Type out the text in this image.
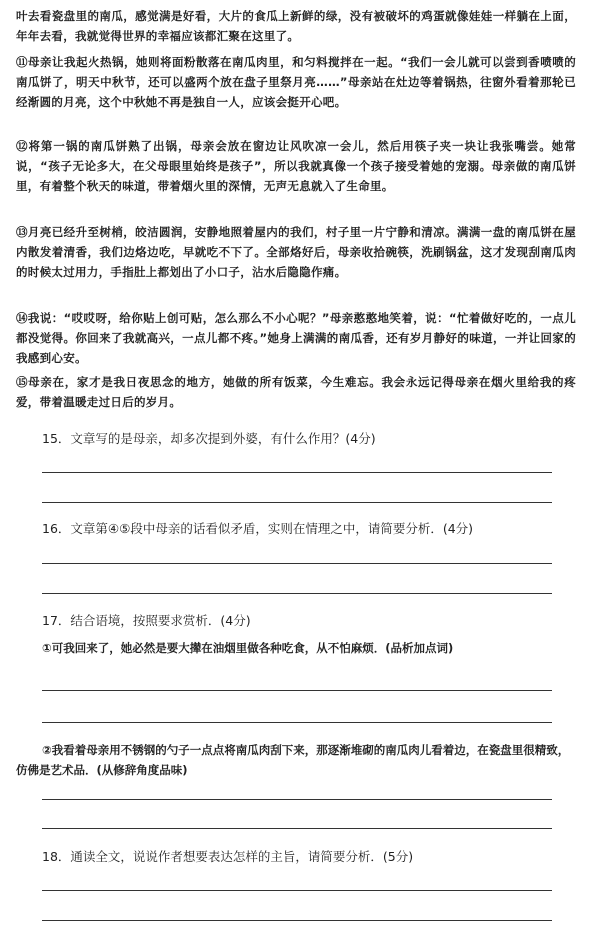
叶去看瓷盘里的南瓜，感觉满是好看，大片的食瓜上新鲜的绿，没有被破坏的鸡蛋就像娃娃一样躺在上面，年年去看，我就觉得世界的幸福应该都汇聚在这里了。

⑪母亲让我起火热锅，她则将面粉散落在南瓜肉里，和匀料搅拌在一起。“我们一会儿就可以尝到香喷喷的南瓜饼了，明天中秋节，还可以盛两个放在盘子里祭月亮……”母亲站在灶边等着锅热，往窗外看着那轮已经渐圆的月亮，这个中秋她不再是独自一人，应该会挺开心吧。

⑫将第一锅的南瓜饼熟了出锅，母亲会放在窗边让风吹凉一会儿，然后用筷子夹一块让我张嘴尝。她常说，“孩子无论多大，在父母眼里始终是孩子”，所以我就真像一个孩子接受着她的宠溺。母亲做的南瓜饼里，有着整个秋天的味道，带着烟火里的深情，无声无息就入了生命里。

⑬月亮已经升至树梢，皎洁圆润，安静地照着屋内的我们，村子里一片宁静和清凉。满满一盘的南瓜饼在屋内散发着清香，我们边烙边吃，早就吃不下了。全部烙好后，母亲收拾碗筷，洗刷锅盆，这才发现刮南瓜肉的时候太过用力，手指肚上都划出了小口子，沾水后隐隐作痛。

⑭我说：“哎哎呀，给你贴上创可贴，怎么那么不小心呢？”母亲憨憨地笑着，说：“忙着做好吃的，一点儿都没觉得。你回来了我就高兴，一点儿都不疼。”她身上满满的南瓜香，还有岁月静好的味道，一并让回家的我感到心安。

⑮母亲在，家才是我日夜思念的地方，她做的所有饭菜，今生难忘。我会永远记得母亲在烟火里给我的疼爱，带着温暖走过日后的岁月。

15．文章写的是母亲，却多次提到外婆，有什么作用？(4分)

16．文章第④⑤段中母亲的话看似矛盾，实则在情理之中，请简要分析．(4分)

17．结合语境，按照要求赏析．(4分)

①可我回来了，她必然是要大撵在油烟里做各种吃食，从不怕麻烦．(品析加点词)

②我看着母亲用不锈钢的勺子一点点将南瓜肉刮下来，那逐渐堆砌的南瓜肉儿看着边，在瓷盘里很精致，仿佛是艺术品．(从修辞角度品味)

18．通读全文，说说作者想要表达怎样的主旨，请简要分析．(5分)
